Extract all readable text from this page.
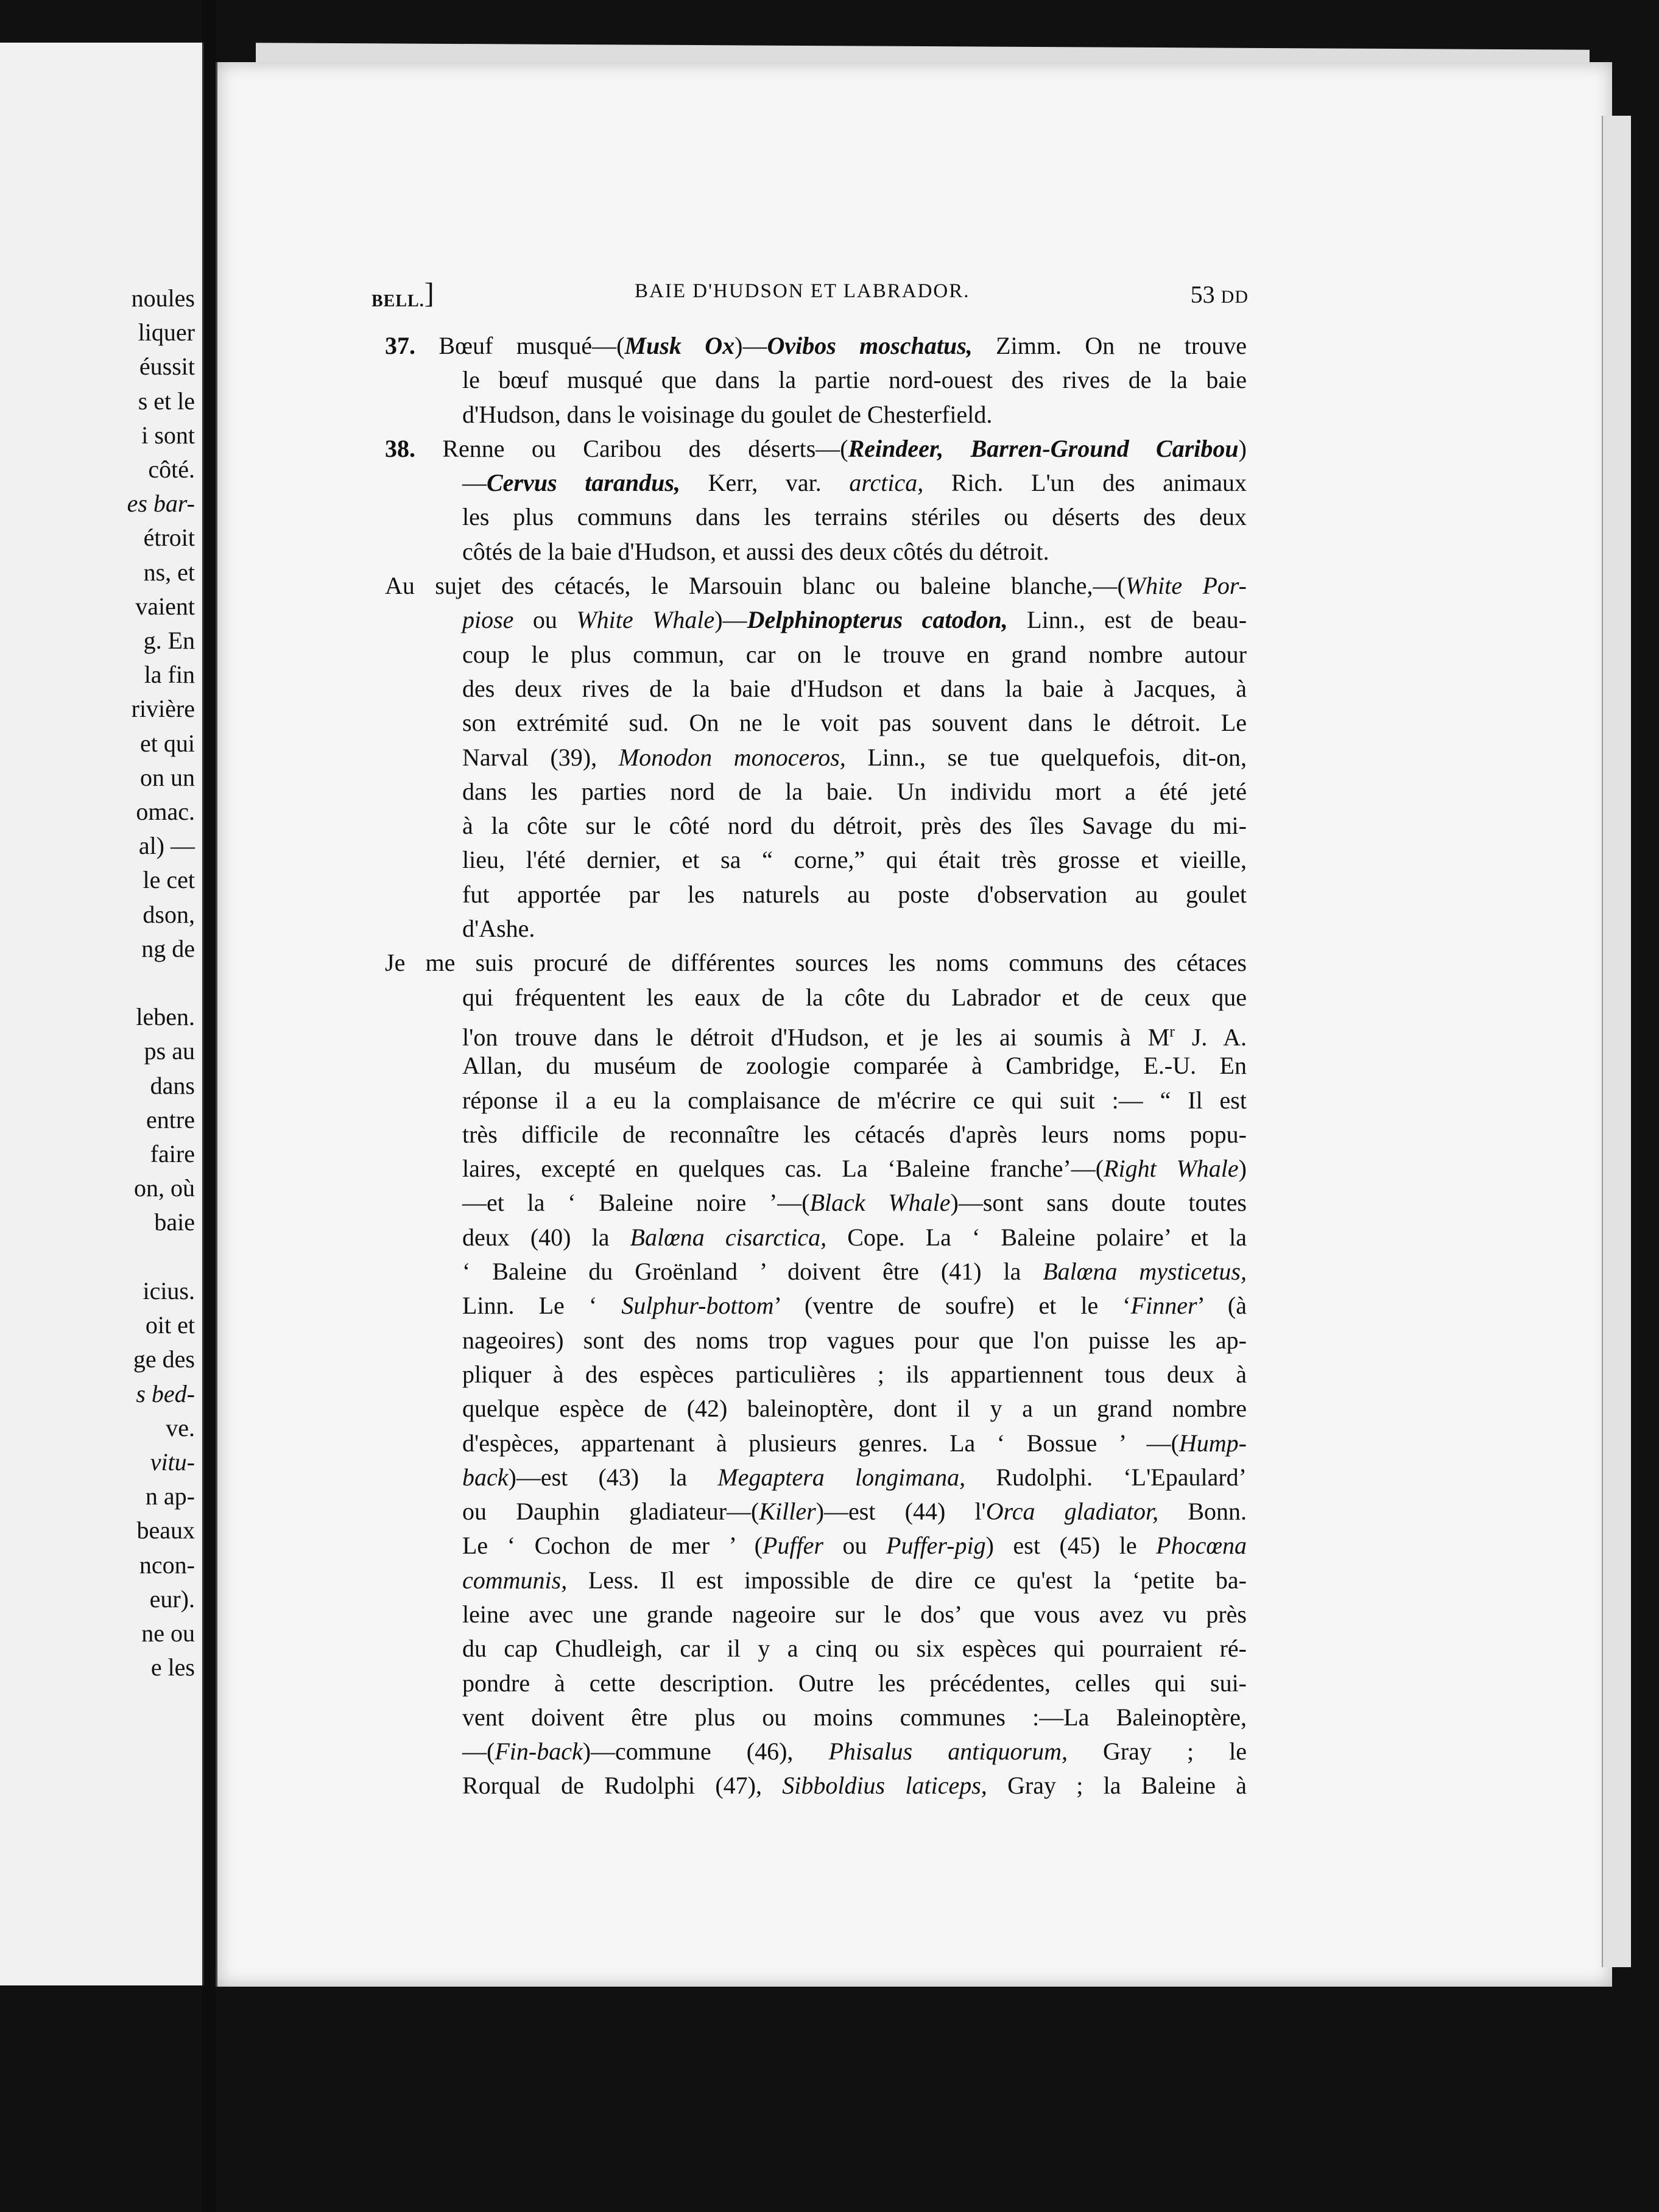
noules
liquer
éussit
s et le
i sont
côté.
es bar-
étroit
ns, et
vaient
g. En
la fin
rivière
et qui
on un
omac.
al) —
le cet
dson,
ng de

leben.
ps au
dans
entre
faire
on, où
baie

icius.
oit et
ge des
s bed-
ve.
vitu-
n ap-
beaux
ncon-
eur).
ne ou
e les
BELL.]	BAIE D'HUDSON ET LABRADOR.	53 DD
37. Bœuf musqué—(Musk Ox)—Ovibos moschatus, Zimm. On ne trouve
le bœuf musqué que dans la partie nord-ouest des rives de la baie
d'Hudson, dans le voisinage du goulet de Chesterfield.
38. Renne ou Caribou des déserts—(Reindeer, Barren-Ground Caribou)
—Cervus tarandus, Kerr, var. arctica, Rich. L'un des animaux
les plus communs dans les terrains stériles ou déserts des deux
côtés de la baie d'Hudson, et aussi des deux côtés du détroit.
Au sujet des cétacés, le Marsouin blanc ou baleine blanche,—(White Por-
piose ou White Whale)—Delphinopterus catodon, Linn., est de beau-
coup le plus commun, car on le trouve en grand nombre autour
des deux rives de la baie d'Hudson et dans la baie à Jacques, à
son extrémité sud. On ne le voit pas souvent dans le détroit. Le
Narval (39), Monodon monoceros, Linn., se tue quelquefois, dit-on,
dans les parties nord de la baie. Un individu mort a été jeté
à la côte sur le côté nord du détroit, près des îles Savage du mi-
lieu, l'été dernier, et sa “ corne,” qui était très grosse et vieille,
fut apportée par les naturels au poste d'observation au goulet
d'Ashe.
Je me suis procuré de différentes sources les noms communs des cétaces
qui fréquentent les eaux de la côte du Labrador et de ceux que
l'on trouve dans le détroit d'Hudson, et je les ai soumis à $M^r$ J. A.
Allan, du muséum de zoologie comparée à Cambridge, E.-U. En
réponse il a eu la complaisance de m'écrire ce qui suit :— “ Il est
très difficile de reconnaître les cétacés d'après leurs noms popu-
laires, excepté en quelques cas. La ‘Baleine franche’—(Right Whale)
—et la ‘ Baleine noire ’—(Black Whale)—sont sans doute toutes
deux (40) la Balœna cisarctica, Cope. La ‘ Baleine polaire’ et la
‘ Baleine du Groënland ’ doivent être (41) la Balœna mysticetus,
Linn. Le ‘ Sulphur-bottom’ (ventre de soufre) et le ‘Finner’ (à
nageoires) sont des noms trop vagues pour que l'on puisse les ap-
pliquer à des espèces particulières ; ils appartiennent tous deux à
quelque espèce de (42) baleinoptère, dont il y a un grand nombre
d'espèces, appartenant à plusieurs genres. La ‘ Bossue ’ —(Hump-
back)—est (43) la Megaptera longimana, Rudolphi. ‘L'Epaulard’
ou Dauphin gladiateur—(Killer)—est (44) l'Orca gladiator, Bonn.
Le ‘ Cochon de mer ’ (Puffer ou Puffer-pig) est (45) le Phocœna
communis, Less. Il est impossible de dire ce qu'est la ‘petite ba-
leine avec une grande nageoire sur le dos’ que vous avez vu près
du cap Chudleigh, car il y a cinq ou six espèces qui pourraient ré-
pondre à cette description. Outre les précédentes, celles qui sui-
vent doivent être plus ou moins communes :—La Baleinoptère,
—(Fin-back)—commune (46), Phisalus antiquorum, Gray ; le
Rorqual de Rudolphi (47), Sibboldius laticeps, Gray ; la Baleine à
